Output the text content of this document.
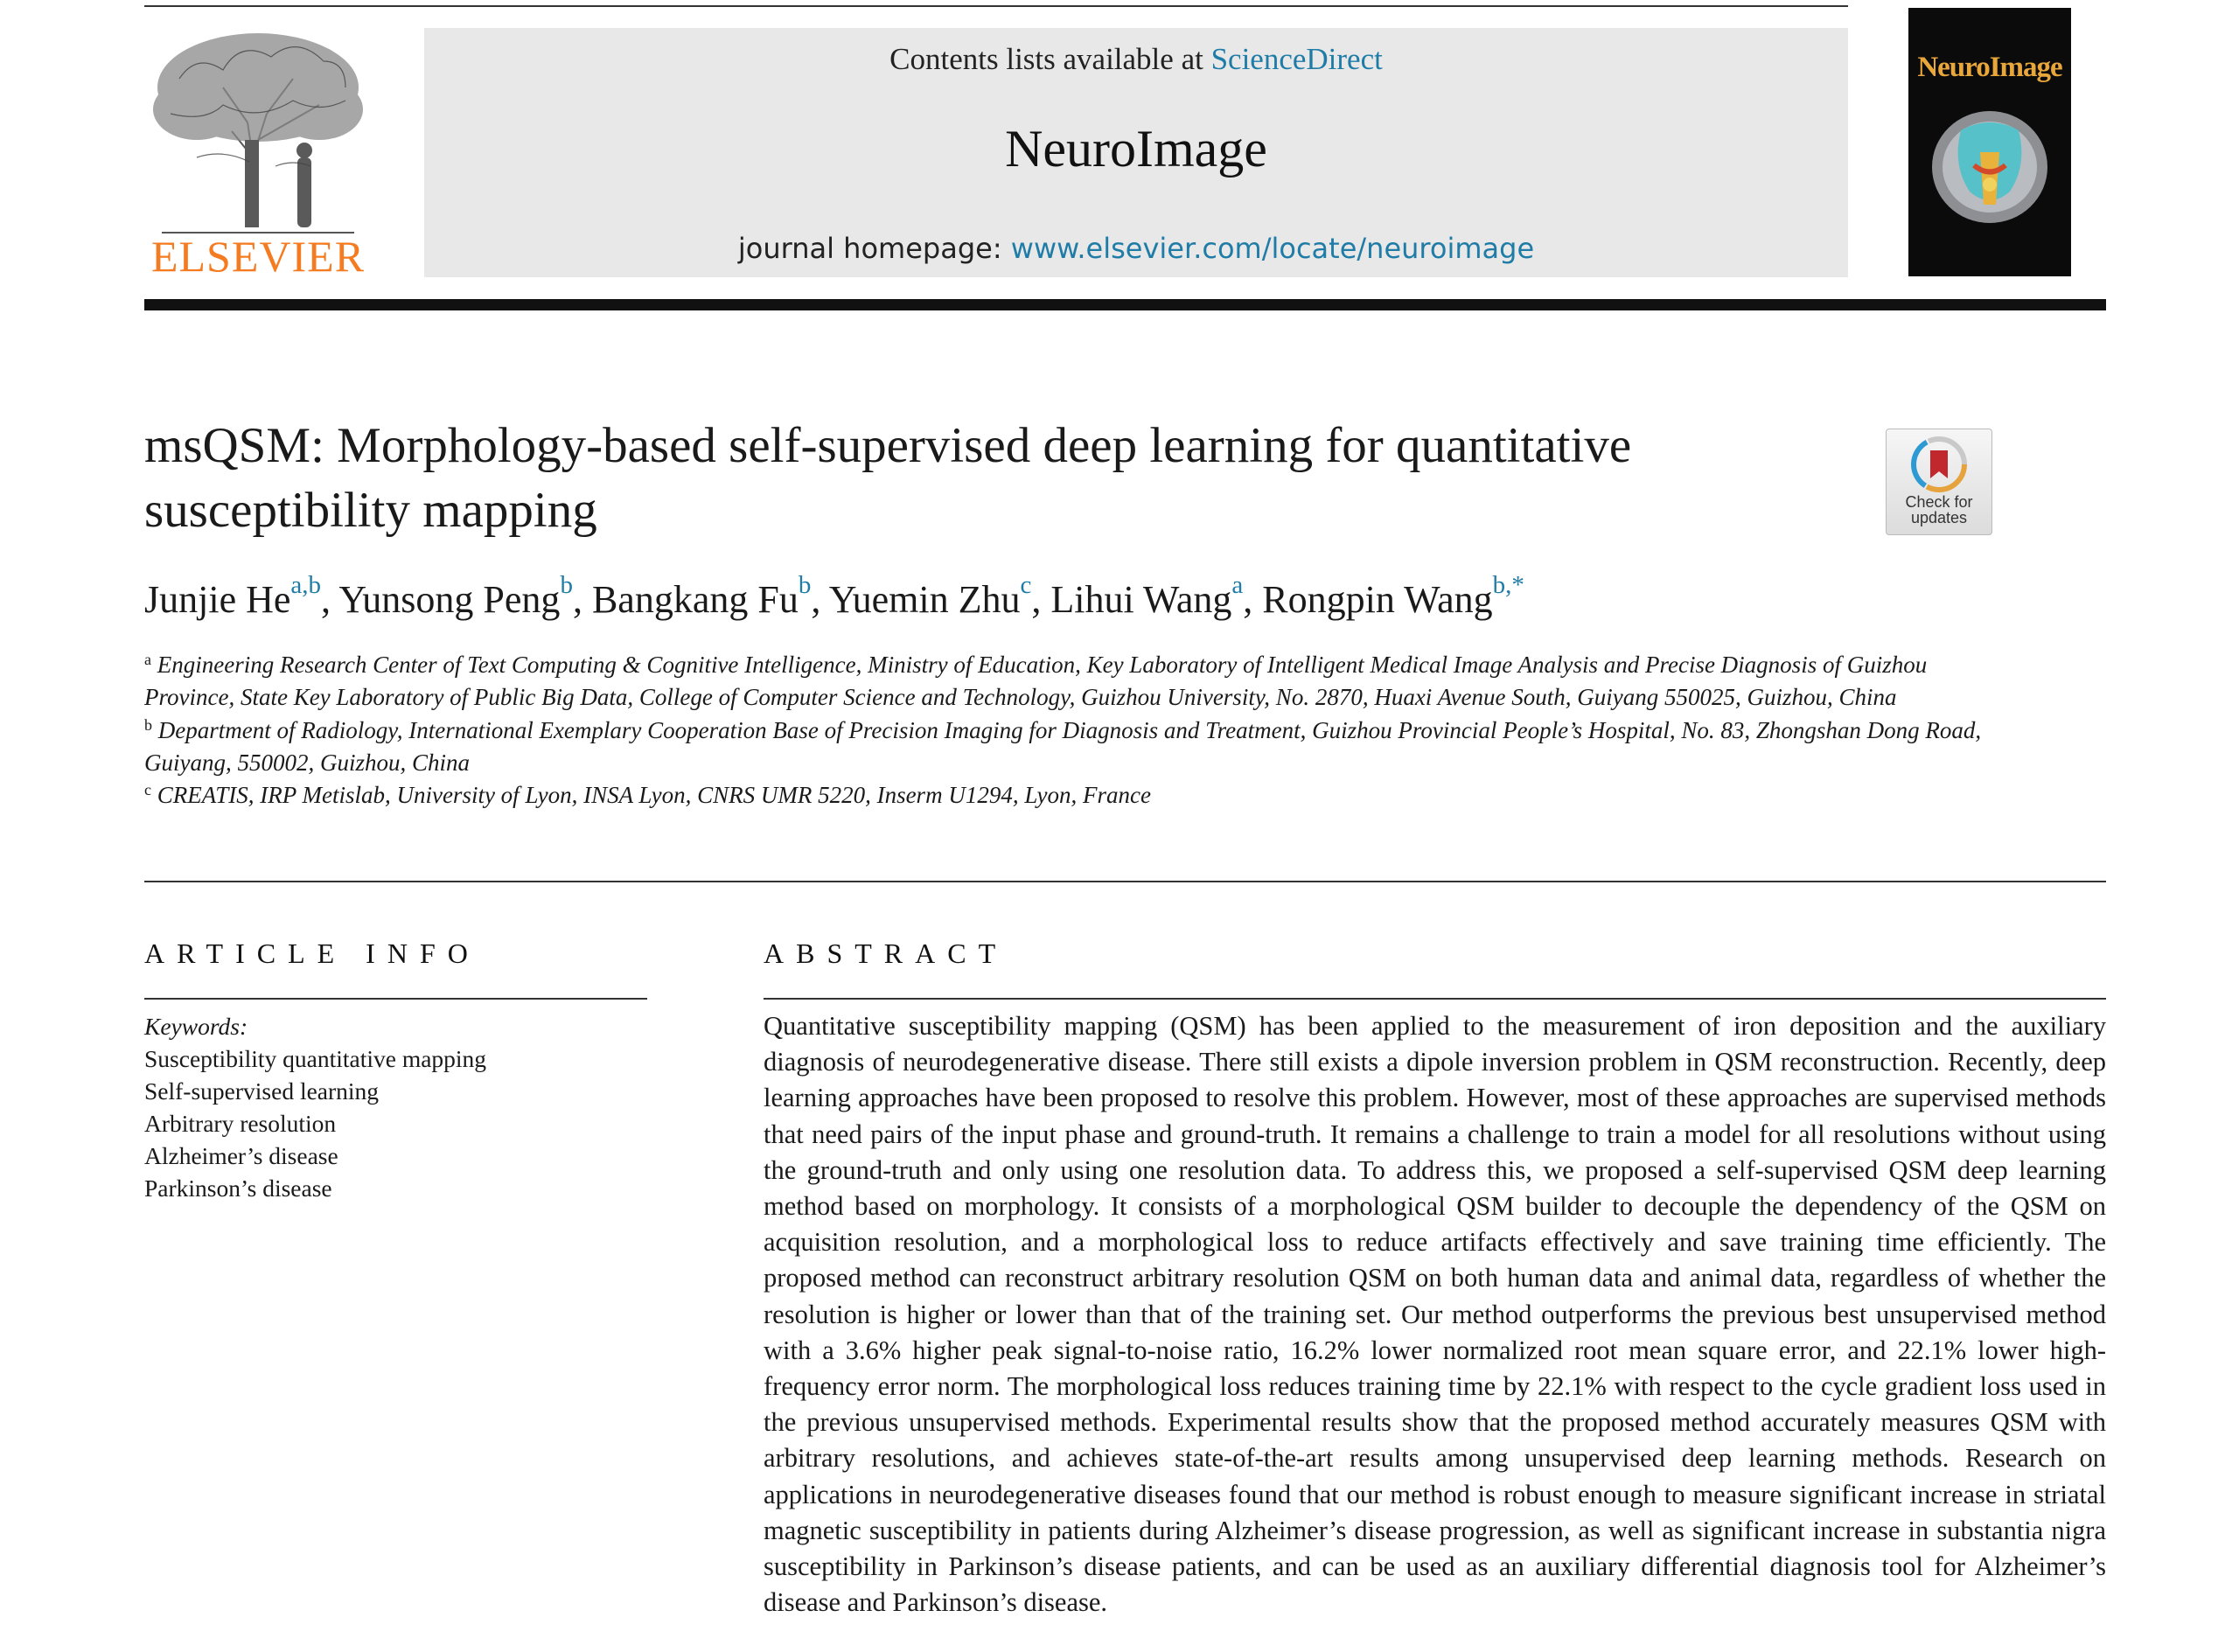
ELSEVIER
Contents lists available at ScienceDirect
NeuroImage
journal homepage: www.elsevier.com/locate/neuroimage
NeuroImage
msQSM: Morphology-based self-supervised deep learning for quantitative susceptibility mapping	Check for
updates
Junjie He$^{a,b}$, Yunsong Peng$^b$, Bangkang Fu$^b$, Yuemin Zhu$^c$, Lihui Wang$^a$, Rongpin Wang$^{b,*}$
$^a$ Engineering Research Center of Text Computing & Cognitive Intelligence, Ministry of Education, Key Laboratory of Intelligent Medical Image Analysis and Precise Diagnosis of Guizhou Province, State Key Laboratory of Public Big Data, College of Computer Science and Technology, Guizhou University, No. 2870, Huaxi Avenue South, Guiyang 550025, Guizhou, China
$^b$ Department of Radiology, International Exemplary Cooperation Base of Precision Imaging for Diagnosis and Treatment, Guizhou Provincial People’s Hospital, No. 83, Zhongshan Dong Road, Guiyang, 550002, Guizhou, China
$^c$ CREATIS, IRP Metislab, University of Lyon, INSA Lyon, CNRS UMR 5220, Inserm U1294, Lyon, France
ARTICLE INFO
Keywords:
Susceptibility quantitative mapping
Self-supervised learning
Arbitrary resolution
Alzheimer’s disease
Parkinson’s disease
ABSTRACT
Quantitative susceptibility mapping (QSM) has been applied to the measurement of iron deposition and the auxiliary diagnosis of neurodegenerative disease. There still exists a dipole inversion problem in QSM reconstruction. Recently, deep learning approaches have been proposed to resolve this problem. However, most of these approaches are supervised methods that need pairs of the input phase and ground-truth. It remains a challenge to train a model for all resolutions without using the ground-truth and only using one resolution data. To address this, we proposed a self-supervised QSM deep learning method based on morphology. It consists of a morphological QSM builder to decouple the dependency of the QSM on acquisition resolution, and a morphological loss to reduce artifacts effectively and save training time efficiently. The proposed method can reconstruct arbitrary resolution QSM on both human data and animal data, regardless of whether the resolution is higher or lower than that of the training set. Our method outperforms the previous best unsupervised method with a 3.6% higher peak signal-to-noise ratio, 16.2% lower normalized root mean square error, and 22.1% lower high-frequency error norm. The morphological loss reduces training time by 22.1% with respect to the cycle gradient loss used in the previous unsupervised methods. Experimental results show that the proposed method accurately measures QSM with arbitrary resolutions, and achieves state-of-the-art results among unsupervised deep learning methods. Research on applications in neurodegenerative diseases found that our method is robust enough to measure significant increase in striatal magnetic susceptibility in patients during Alzheimer’s disease progression, as well as significant increase in substantia nigra susceptibility in Parkinson’s disease patients, and can be used as an auxiliary differential diagnosis tool for Alzheimer’s disease and Parkinson’s disease.
